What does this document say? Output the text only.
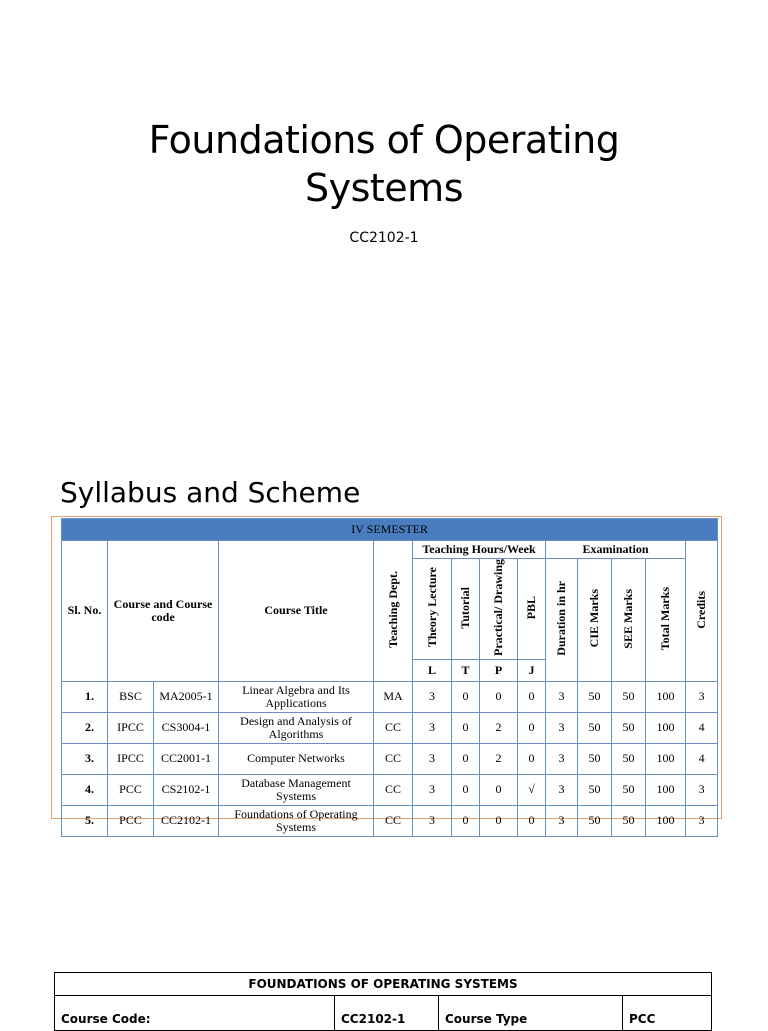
Foundations of Operating
Systems
CC2102-1
Syllabus and Scheme
IV SEMESTER													
Sl. No.	Course and Course code		Course Title	Teaching Dept.	Teaching Hours/Week				Examination				Credits
					Theory Lecture	Tutorial	Practical/ Drawing	PBL	Duration in hr	CIE Marks	SEE Marks	Total Marks	
					L	T	P	J					
1.	BSC	MA2005-1	Linear Algebra and Its Applications	MA	3	0	0	0	3	50	50	100	3
2.	IPCC	CS3004-1	Design and Analysis of Algorithms	CC	3	0	2	0	3	50	50	100	4
3.	IPCC	CC2001-1	Computer Networks	CC	3	0	2	0	3	50	50	100	4
4.	PCC	CS2102-1	Database Management Systems	CC	3	0	0	√	3	50	50	100	3
5.	PCC	CC2102-1	Foundations of Operating Systems	CC	3	0	0	0	3	50	50	100	3
FOUNDATIONS OF OPERATING SYSTEMS
Course Code:	CC2102-1	Course Type	PCC
